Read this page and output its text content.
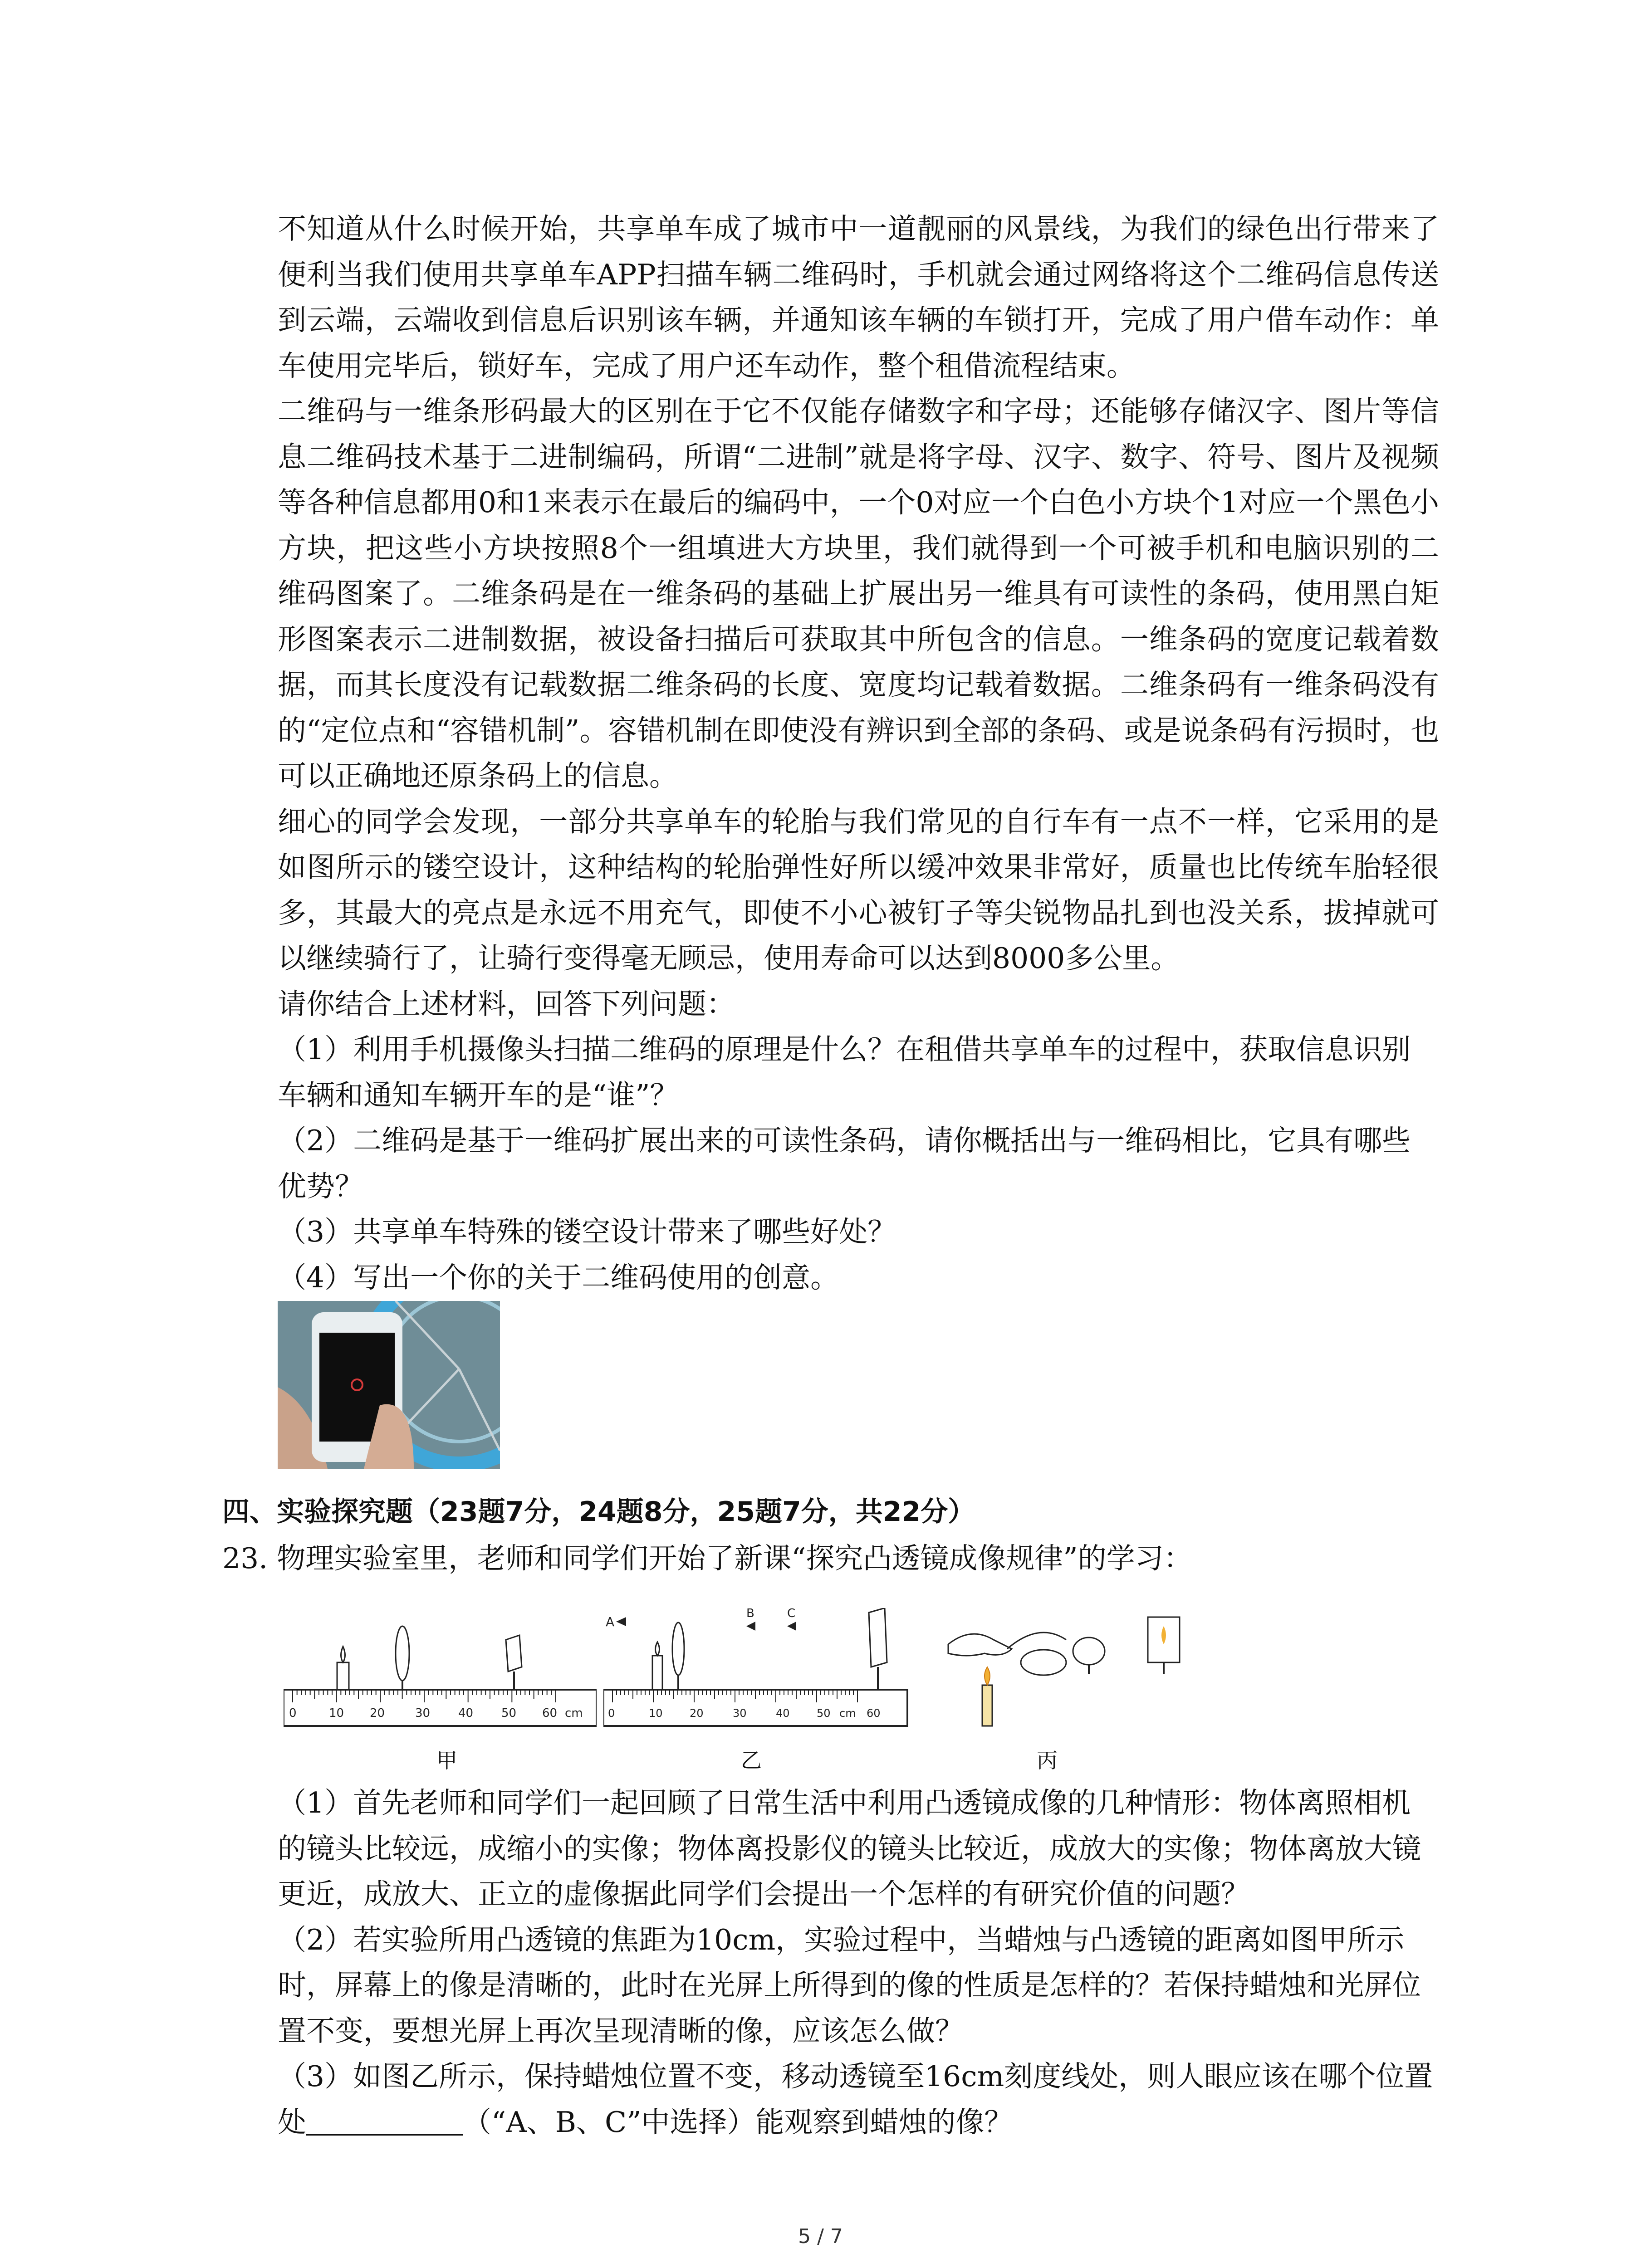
不知道从什么时候开始，共享单车成了城市中一道靓丽的风景线，为我们的绿色出行带来了便利当我们使用共享单车APP扫描车辆二维码时，手机就会通过网络将这个二维码信息传送到云端，云端收到信息后识别该车辆，并通知该车辆的车锁打开，完成了用户借车动作：单车使用完毕后，锁好车，完成了用户还车动作，整个租借流程结束。

二维码与一维条形码最大的区别在于它不仅能存储数字和字母；还能够存储汉字、图片等信息二维码技术基于二进制编码，所谓“二进制”就是将字母、汉字、数字、符号、图片及视频等各种信息都用0和1来表示在最后的编码中，一个0对应一个白色小方块个1对应一个黑色小方块，把这些小方块按照8个一组填进大方块里，我们就得到一个可被手机和电脑识别的二维码图案了。二维条码是在一维条码的基础上扩展出另一维具有可读性的条码，使用黑白矩形图案表示二进制数据，被设备扫描后可获取其中所包含的信息。一维条码的宽度记载着数据，而其长度没有记载数据二维条码的长度、宽度均记载着数据。二维条码有一维条码没有的“定位点和“容错机制”。容错机制在即使没有辨识到全部的条码、或是说条码有污损时，也可以正确地还原条码上的信息。

细心的同学会发现，一部分共享单车的轮胎与我们常见的自行车有一点不一样，它采用的是如图所示的镂空设计，这种结构的轮胎弹性好所以缓冲效果非常好，质量也比传统车胎轻很多，其最大的亮点是永远不用充气，即使不小心被钉子等尖锐物品扎到也没关系，拔掉就可以继续骑行了，让骑行变得毫无顾忌，使用寿命可以达到8000多公里。

请你结合上述材料，回答下列问题：

（1）利用手机摄像头扫描二维码的原理是什么？在租借共享单车的过程中，获取信息识别车辆和通知车辆开车的是“谁”？

（2）二维码是基于一维码扩展出来的可读性条码，请你概括出与一维码相比，它具有哪些优势？

（3）共享单车特殊的镂空设计带来了哪些好处？

（4）写出一个你的关于二维码使用的创意。

四、实验探究题（23题7分，24题8分，25题7分，共22分）
23. 物理实验室里，老师和同学们开始了新课“探究凸透镜成像规律”的学习：
0	10 20	30 40 50 60 cm 0	10 20	30	40 50 cm 60
A
B	C
甲	乙	丙

（1）首先老师和同学们一起回顾了日常生活中利用凸透镜成像的几种情形：物体离照相机的镜头比较远，成缩小的实像；物体离投影仪的镜头比较近，成放大的实像；物体离放大镜更近，成放大、正立的虚像据此同学们会提出一个怎样的有研究价值的问题？

（2）若实验所用凸透镜的焦距为10cm，实验过程中，当蜡烛与凸透镜的距离如图甲所示时，屏幕上的像是清晰的，此时在光屏上所得到的像的性质是怎样的？若保持蜡烛和光屏位置不变，要想光屏上再次呈现清晰的像，应该怎么做？

（3）如图乙所示，保持蜡烛位置不变，移动透镜至16cm刻度线处，则人眼应该在哪个位置处	（“A、B、C”中选择）能观察到蜡烛的像？

5 / 7
